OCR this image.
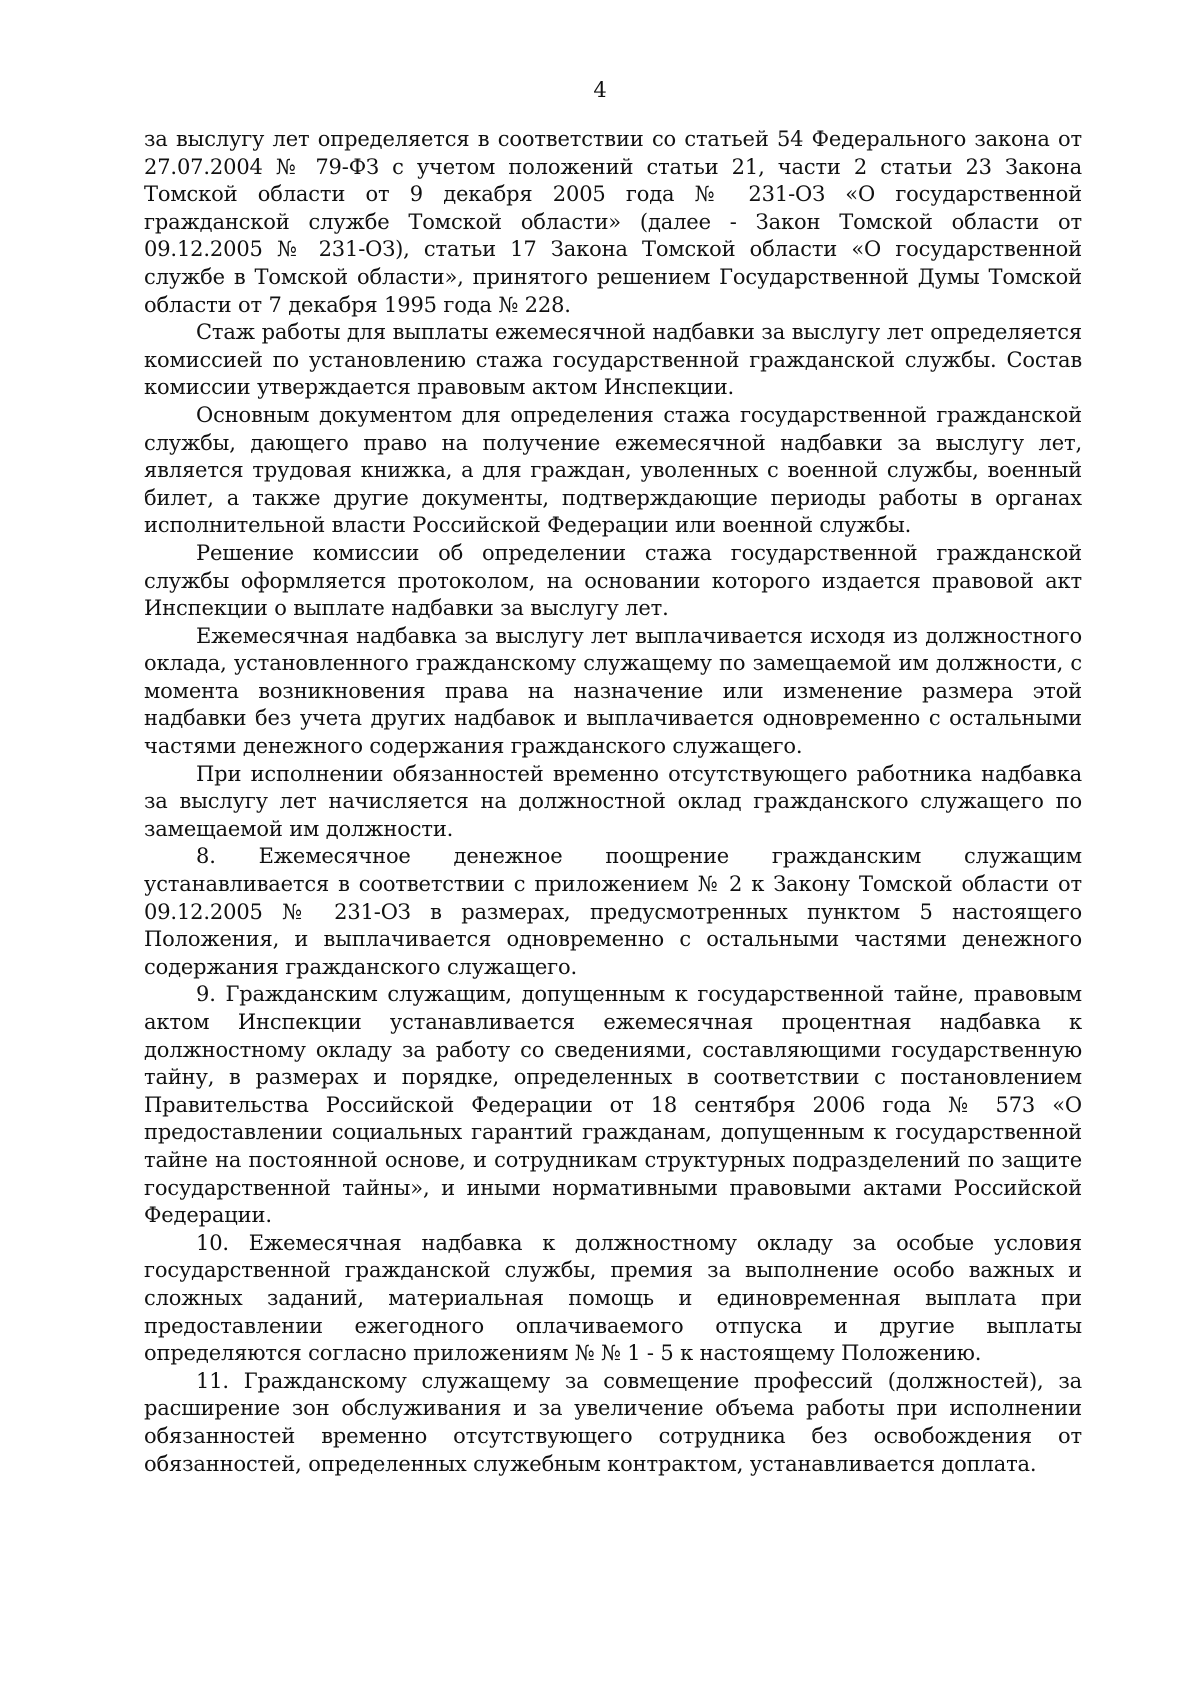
4

за выслугу лет определяется в соответствии со статьей 54 Федерального закона от 27.07.2004 № 79-ФЗ с учетом положений статьи 21, части 2 статьи 23 Закона Томской области от 9 декабря 2005 года № 231-ОЗ «О государственной гражданской службе Томской области» (далее - Закон Томской области от 09.12.2005 № 231-ОЗ), статьи 17 Закона Томской области «О государственной службе в Томской области», принятого решением Государственной Думы Томской области от 7 декабря 1995 года № 228.

Стаж работы для выплаты ежемесячной надбавки за выслугу лет определяется комиссией по установлению стажа государственной гражданской службы. Состав комиссии утверждается правовым актом Инспекции.

Основным документом для определения стажа государственной гражданской службы, дающего право на получение ежемесячной надбавки за выслугу лет, является трудовая книжка, а для граждан, уволенных с военной службы, военный билет, а также другие документы, подтверждающие периоды работы в органах исполнительной власти Российской Федерации или военной службы.

Решение комиссии об определении стажа государственной гражданской службы оформляется протоколом, на основании которого издается правовой акт Инспекции о выплате надбавки за выслугу лет.

Ежемесячная надбавка за выслугу лет выплачивается исходя из должностного оклада, установленного гражданскому служащему по замещаемой им должности, с момента возникновения права на назначение или изменение размера этой надбавки без учета других надбавок и выплачивается одновременно с остальными частями денежного содержания гражданского служащего.

При исполнении обязанностей временно отсутствующего работника надбавка за выслугу лет начисляется на должностной оклад гражданского служащего по замещаемой им должности.

8. Ежемесячное денежное поощрение гражданским служащим устанавливается в соответствии с приложением № 2 к Закону Томской области от 09.12.2005 № 231-ОЗ в размерах, предусмотренных пунктом 5 настоящего Положения, и выплачивается одновременно с остальными частями денежного содержания гражданского служащего.

9. Гражданским служащим, допущенным к государственной тайне, правовым актом Инспекции устанавливается ежемесячная процентная надбавка к должностному окладу за работу со сведениями, составляющими государственную тайну, в размерах и порядке, определенных в соответствии с постановлением Правительства Российской Федерации от 18 сентября 2006 года № 573 «О предоставлении социальных гарантий гражданам, допущенным к государственной тайне на постоянной основе, и сотрудникам структурных подразделений по защите государственной тайны», и иными нормативными правовыми актами Российской Федерации.

10. Ежемесячная надбавка к должностному окладу за особые условия государственной гражданской службы, премия за выполнение особо важных и сложных заданий, материальная помощь и единовременная выплата при предоставлении ежегодного оплачиваемого отпуска и другие выплаты определяются согласно приложениям № № 1 - 5 к настоящему Положению.

11. Гражданскому служащему за совмещение профессий (должностей), за расширение зон обслуживания и за увеличение объема работы при исполнении обязанностей временно отсутствующего сотрудника без освобождения от обязанностей, определенных служебным контрактом, устанавливается доплата.
